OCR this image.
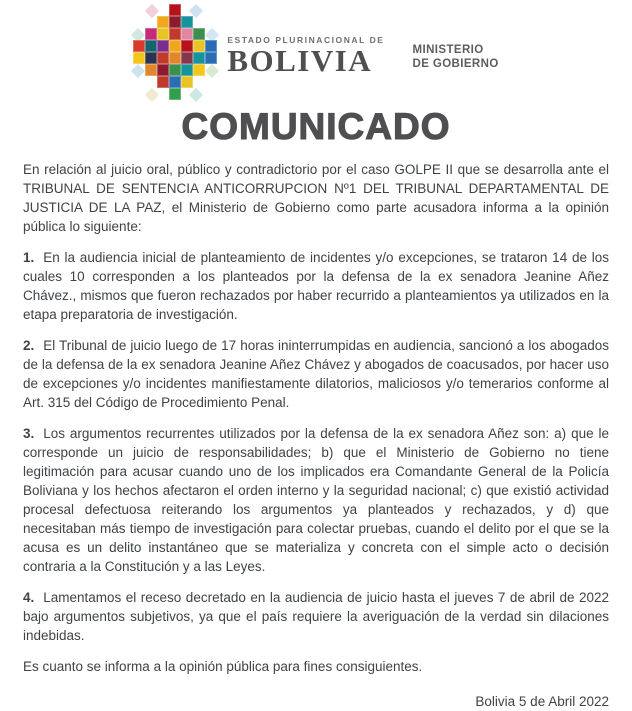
ESTADO PLURINACIONAL DE
BOLIVIA	MINISTERIO
DE GOBIERNO
COMUNICADO

En relación al juicio oral, público y contradictorio por el caso GOLPE II que se desarrolla ante el TRIBUNAL DE SENTENCIA ANTICORRUPCION Nº1 DEL TRIBUNAL DEPARTAMENTAL DE JUSTICIA DE LA PAZ, el Ministerio de Gobierno como parte acusadora informa a la opinión pública lo siguiente:

1. En la audiencia inicial de planteamiento de incidentes y/o excepciones, se trataron 14 de los cuales 10 corresponden a los planteados por la defensa de la ex senadora Jeanine Añez Chávez., mismos que fueron rechazados por haber recurrido a planteamientos ya utilizados en la etapa preparatoria de investigación.

2. El Tribunal de juicio luego de 17 horas ininterrumpidas en audiencia, sancionó a los abogados de la defensa de la ex senadora Jeanine Añez Chávez y abogados de coacusados, por hacer uso de excepciones y/o incidentes manifiestamente dilatorios, maliciosos y/o temerarios conforme al Art. 315 del Código de Procedimiento Penal.

3. Los argumentos recurrentes utilizados por la defensa de la ex senadora Añez son: a) que le corresponde un juicio de responsabilidades; b) que el Ministerio de Gobierno no tiene legitimación para acusar cuando uno de los implicados era Comandante General de la Policía Boliviana y los hechos afectaron el orden interno y la seguridad nacional; c) que existió actividad procesal defectuosa reiterando los argumentos ya planteados y rechazados, y d) que necesitaban más tiempo de investigación para colectar pruebas, cuando el delito por el que se la acusa es un delito instantáneo que se materializa y concreta con el simple acto o decisión contraria a la Constitución y a las Leyes.

4. Lamentamos el receso decretado en la audiencia de juicio hasta el jueves 7 de abril de 2022 bajo argumentos subjetivos, ya que el país requiere la averiguación de la verdad sin dilaciones indebidas.

Es cuanto se informa a la opinión pública para fines consiguientes.

Bolivia 5 de Abril 2022
